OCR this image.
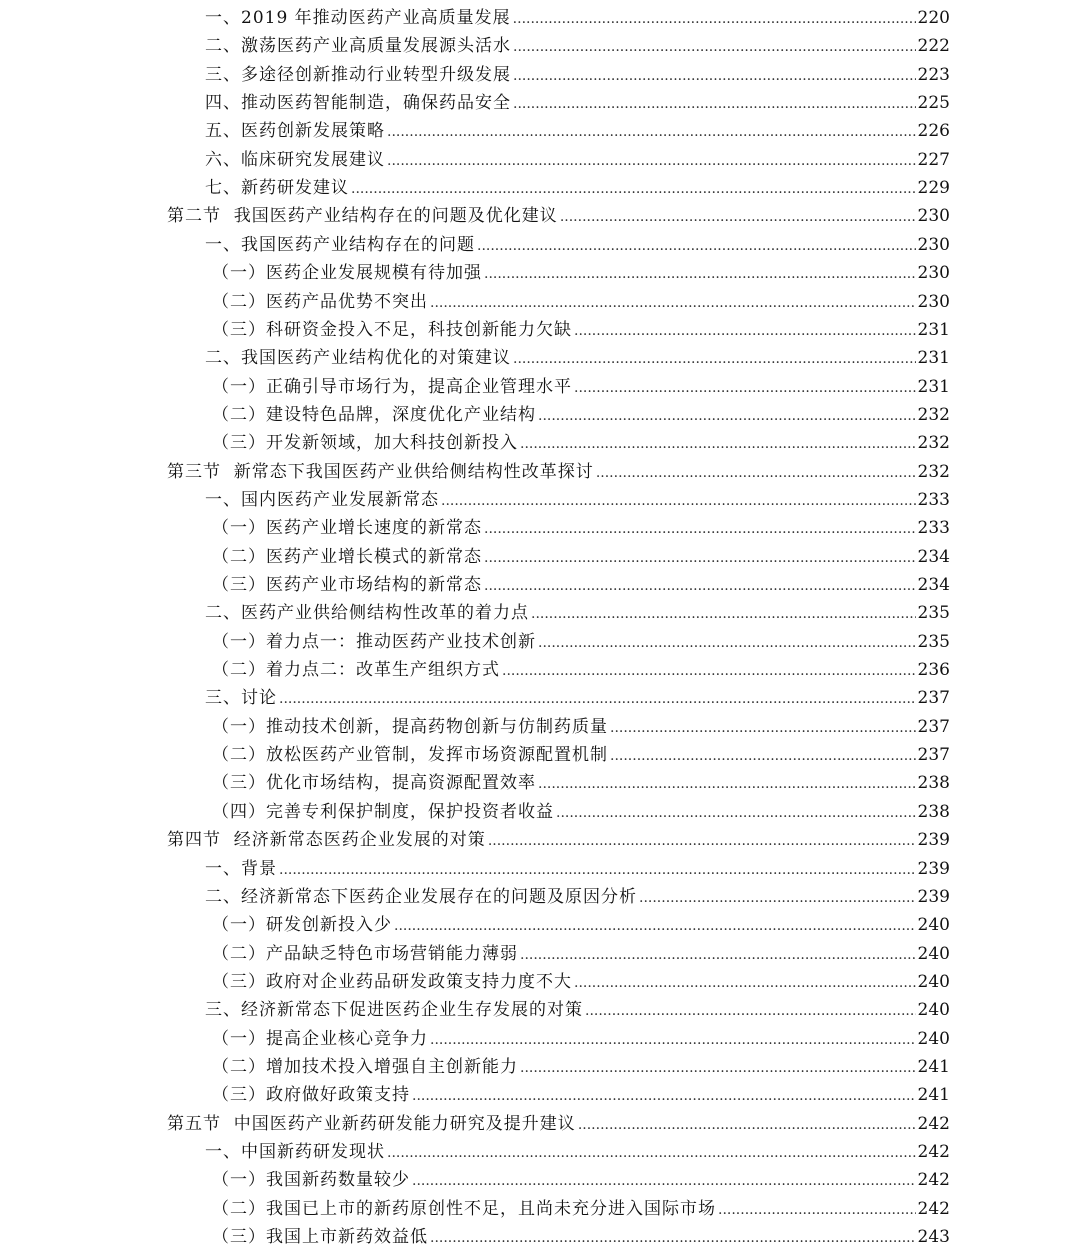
一、2019 年推动医药产业高质量发展 .....	220
二、激荡医药产业高质量发展源头活水 .....	222
三、多途径创新推动行业转型升级发展 .....	223
四、推动医药智能制造，确保药品安全 .....	225
五、医药创新发展策略 .....	226
六、临床研究发展建议 .....	227
七、新药研发建议 .....	229
第二节  我国医药产业结构存在的问题及优化建议 .....	230
一、我国医药产业结构存在的问题 .....	230
（一）医药企业发展规模有待加强 .....	230
（二）医药产品优势不突出 .....	230
（三）科研资金投入不足，科技创新能力欠缺 .....	231
二、我国医药产业结构优化的对策建议 .....	231
（一）正确引导市场行为，提高企业管理水平 .....	231
（二）建设特色品牌，深度优化产业结构 .....	232
（三）开发新领域，加大科技创新投入 .....	232
第三节  新常态下我国医药产业供给侧结构性改革探讨 .....	232
一、国内医药产业发展新常态 .....	233
（一）医药产业增长速度的新常态 .....	233
（二）医药产业增长模式的新常态 .....	234
（三）医药产业市场结构的新常态 .....	234
二、医药产业供给侧结构性改革的着力点 .....	235
（一）着力点一：推动医药产业技术创新 .....	235
（二）着力点二：改革生产组织方式 .....	236
三、讨论 .....	237
（一）推动技术创新，提高药物创新与仿制药质量 .....	237
（二）放松医药产业管制，发挥市场资源配置机制 .....	237
（三）优化市场结构，提高资源配置效率 .....	238
（四）完善专利保护制度，保护投资者收益 .....	238
第四节  经济新常态医药企业发展的对策 .....	239
一、背景 .....	239
二、经济新常态下医药企业发展存在的问题及原因分析 .....	239
（一）研发创新投入少 .....	240
（二）产品缺乏特色市场营销能力薄弱 .....	240
（三）政府对企业药品研发政策支持力度不大 .....	240
三、经济新常态下促进医药企业生存发展的对策 .....	240
（一）提高企业核心竞争力 .....	240
（二）增加技术投入增强自主创新能力 .....	241
（三）政府做好政策支持 .....	241
第五节  中国医药产业新药研发能力研究及提升建议 .....	242
一、中国新药研发现状 .....	242
（一）我国新药数量较少 .....	242
（二）我国已上市的新药原创性不足，且尚未充分进入国际市场 .....	242
（三）我国上市新药效益低 .....	243
